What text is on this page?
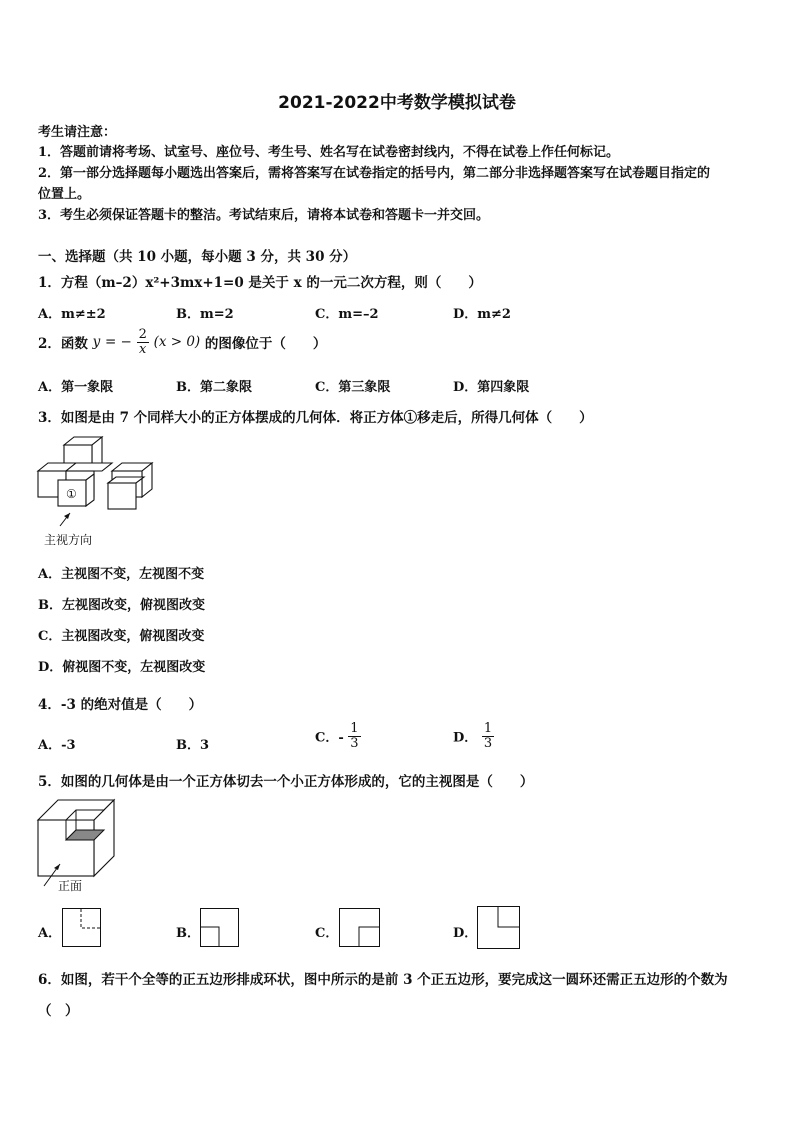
2021-2022中考数学模拟试卷
考生请注意：
1．答题前请将考场、试室号、座位号、考生号、姓名写在试卷密封线内，不得在试卷上作任何标记。
2．第一部分选择题每小题选出答案后，需将答案写在试卷指定的括号内，第二部分非选择题答案写在试卷题目指定的
位置上。
3．考生必须保证答题卡的整洁。考试结束后，请将本试卷和答题卡一并交回。
一、选择题（共 10 小题，每小题 3 分，共 30 分）
1．方程（m–2）x²+3mx+1=0 是关于 x 的一元二次方程，则（　　）
A．m≠±2	B．m=2	C．m=–2	D．m≠2
2．函数 y = − $\frac{2}{x} (x > 0)$ 的图像位于（　　）
A．第一象限	B．第二象限	C．第三象限	D．第四象限
3．如图是由 7 个同样大小的正方体摆成的几何体．将正方体①移走后，所得几何体（　　）
①
主视方向
A．主视图不变，左视图不变
B．左视图改变，俯视图改变
C．主视图改变，俯视图改变
D．俯视图不变，左视图改变
4．-3 的绝对值是（　　）
A．-3	B．3	C．- $\frac{1}{3}$	D． $\frac{1}{3}$
5．如图的几何体是由一个正方体切去一个小正方体形成的，它的主视图是（　　）
正面
A．	B．	C．	D．
6．如图，若干个全等的正五边形排成环状，图中所示的是前 3 个正五边形，要完成这一圆环还需正五边形的个数为
（　）
